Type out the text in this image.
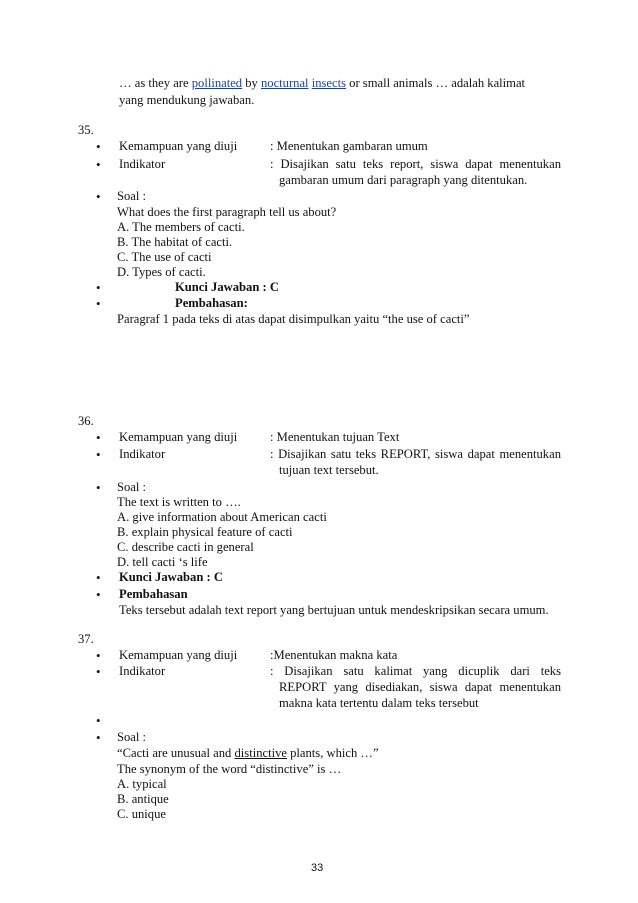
… as they are pollinated by nocturnal insects or small animals … adalah kalimat
yang mendukung jawaban.
35.
• Kemampuan yang diuji	: Menentukan gambaran umum
• Indikator	: Disajikan satu teks report, siswa dapat menentukan
gambaran umum dari paragraph yang ditentukan.
• Soal :
What does the first paragraph tell us about?
A. The members of cacti.
B. The habitat of cacti.
C. The use of cacti
D. Types of cacti.
•	Kunci Jawaban : C
•	Pembahasan:
Paragraf 1 pada teks di atas dapat disimpulkan yaitu “the use of cacti”
36.
• Kemampuan yang diuji	: Menentukan tujuan Text
• Indikator	: Disajikan satu teks REPORT, siswa dapat menentukan
tujuan text tersebut.
• Soal :
The text is written to ….
A. give information about American cacti
B. explain physical feature of cacti
C. describe cacti in general
D. tell cacti ‘s life
• Kunci Jawaban : C
• Pembahasan
Teks tersebut adalah text report yang bertujuan untuk mendeskripsikan secara umum.
37.
• Kemampuan yang diuji	:Menentukan makna kata
• Indikator	: Disajikan satu kalimat yang dicuplik dari teks
REPORT yang disediakan, siswa dapat menentukan
makna kata tertentu dalam teks tersebut
•
• Soal :
“Cacti are unusual and distinctive plants, which …”
The synonym of the word “distinctive” is …
A. typical
B. antique
C. unique
33
